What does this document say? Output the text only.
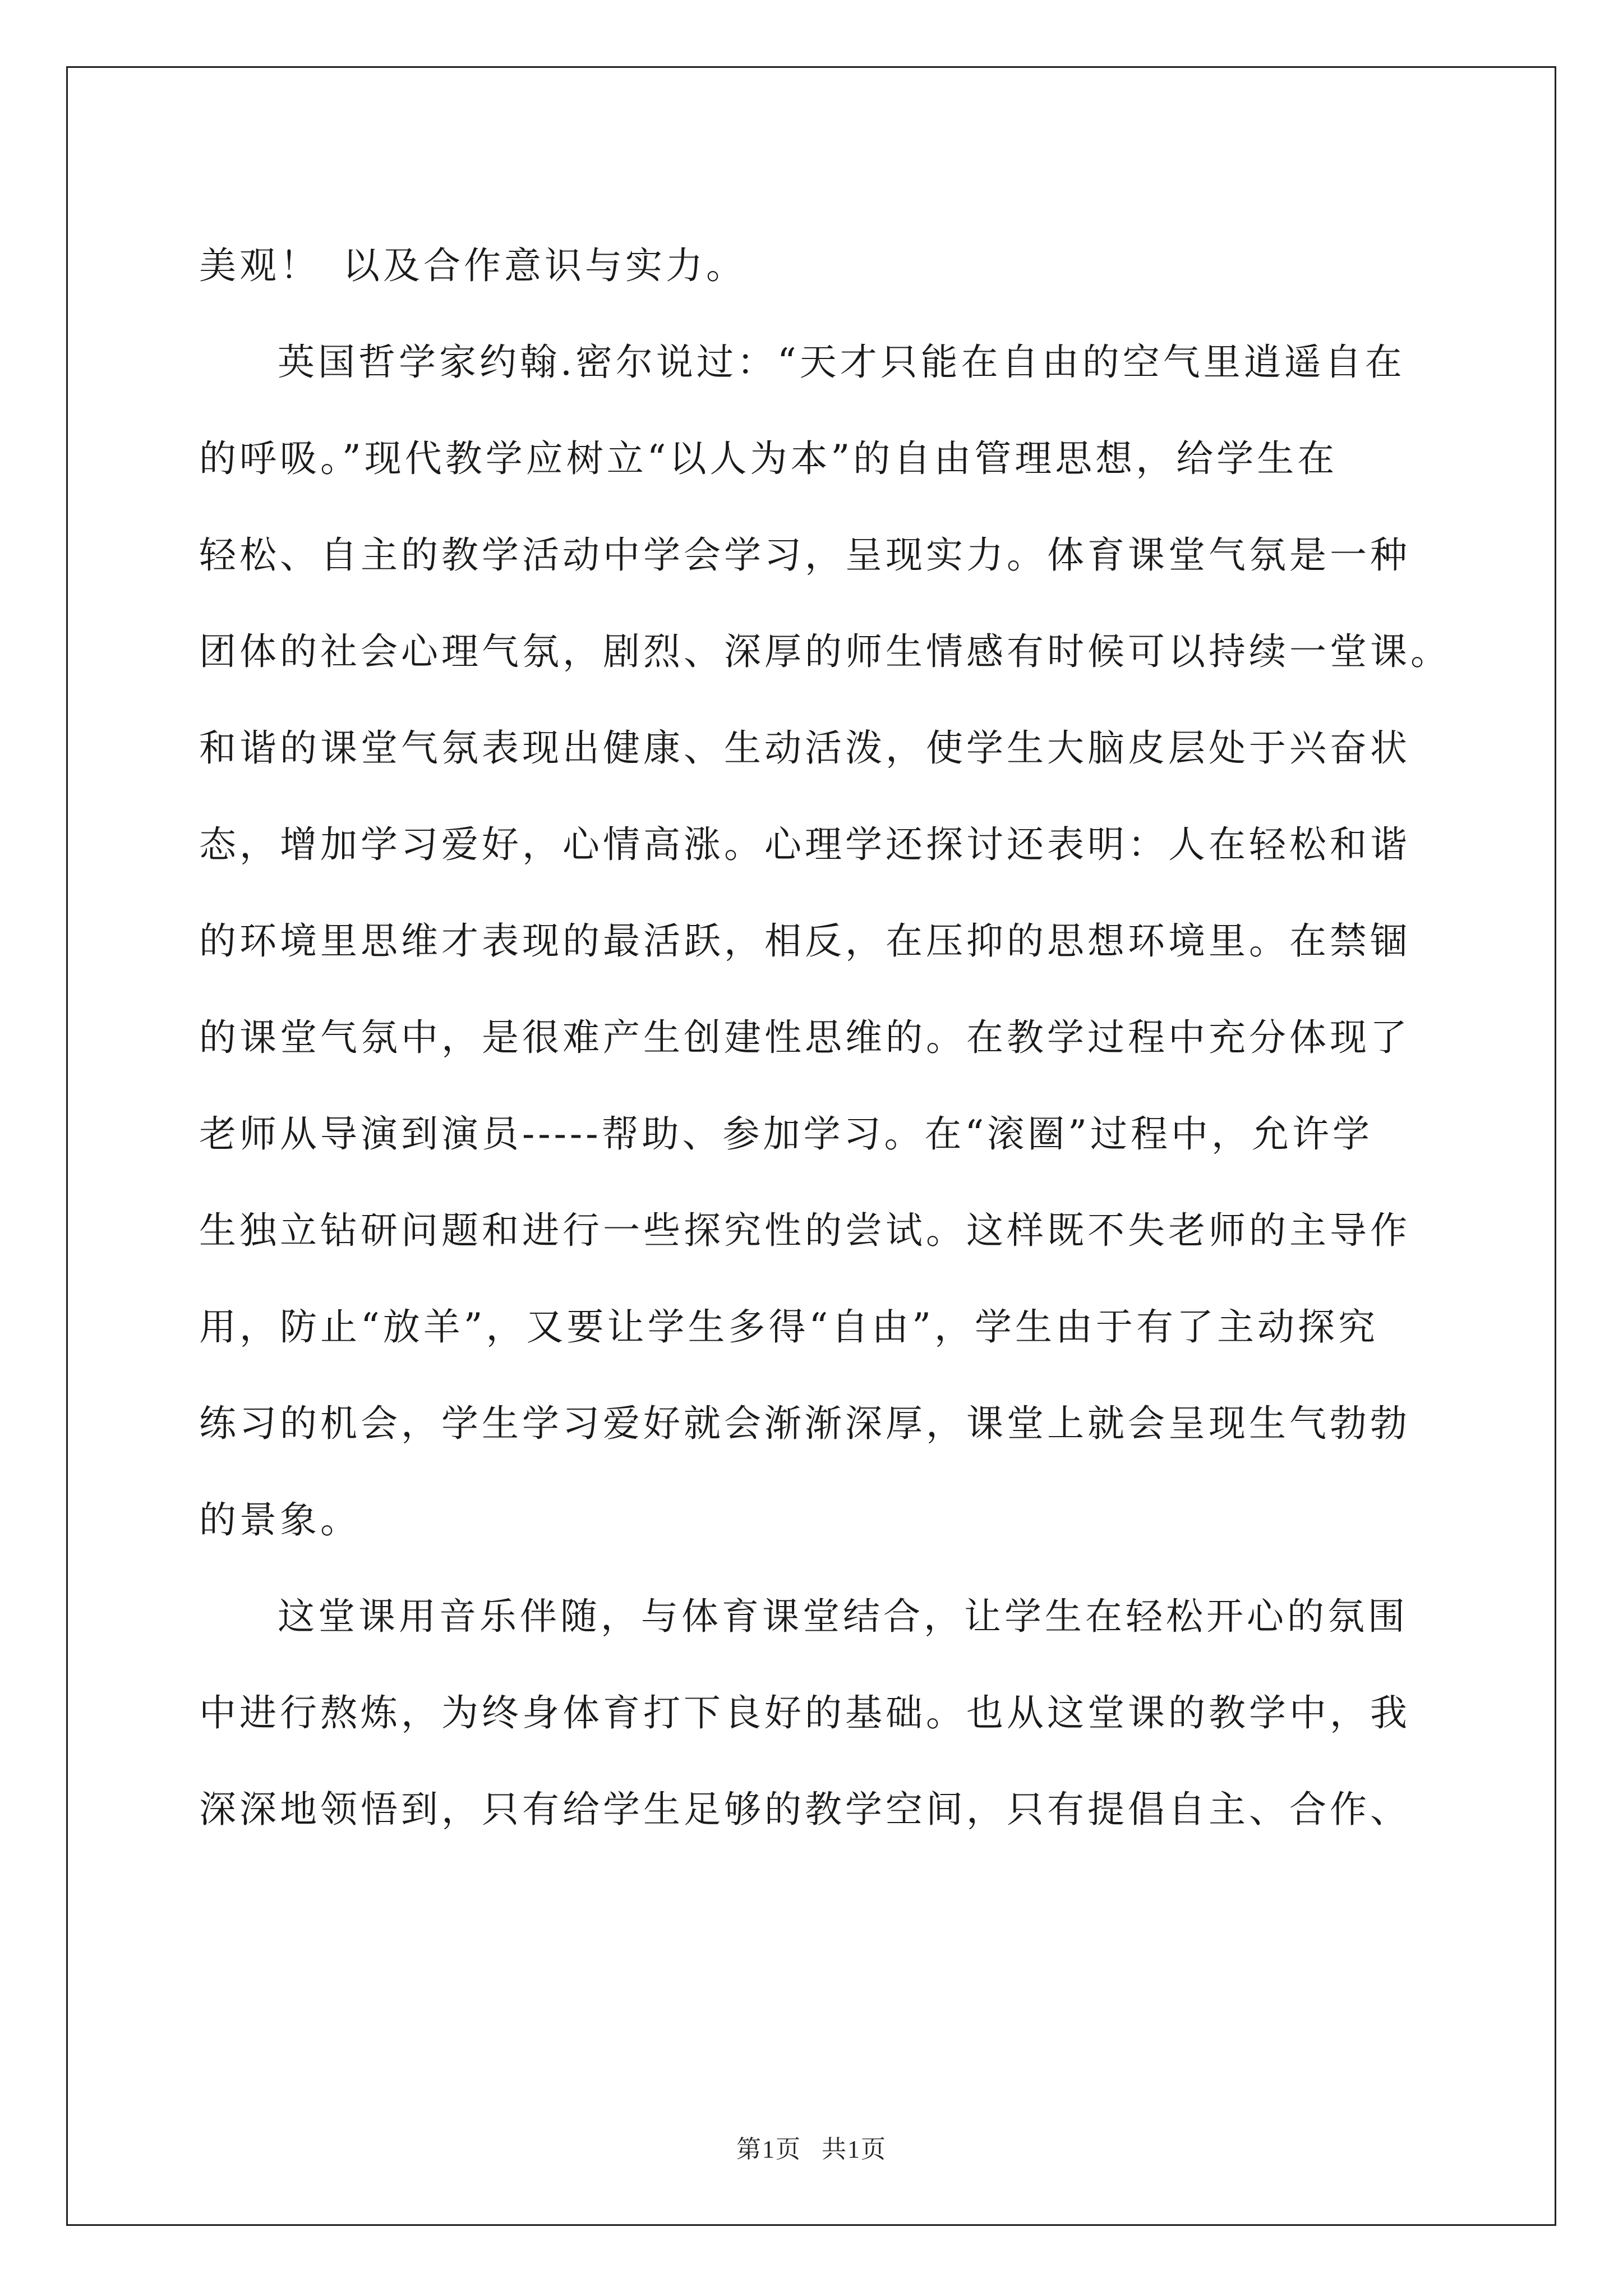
美观！ 以及合作意识与实力。
英国哲学家约翰.密尔说过：“天才只能在自由的空气里逍遥自在
的呼吸。”现代教学应树立“以人为本”的自由管理思想，给学生在
轻松、自主的教学活动中学会学习，呈现实力。体育课堂气氛是一种
团体的社会心理气氛，剧烈、深厚的师生情感有时候可以持续一堂课。
和谐的课堂气氛表现出健康、生动活泼，使学生大脑皮层处于兴奋状
态，增加学习爱好，心情高涨。心理学还探讨还表明：人在轻松和谐
的环境里思维才表现的最活跃，相反，在压抑的思想环境里。在禁锢
的课堂气氛中，是很难产生创建性思维的。在教学过程中充分体现了
老师从导演到演员-----帮助、参加学习。在“滚圈”过程中，允许学
生独立钻研问题和进行一些探究性的尝试。这样既不失老师的主导作
用，防止“放羊”，又要让学生多得“自由”，学生由于有了主动探究
练习的机会，学生学习爱好就会渐渐深厚，课堂上就会呈现生气勃勃
的景象。
这堂课用音乐伴随，与体育课堂结合，让学生在轻松开心的氛围
中进行熬炼，为终身体育打下良好的基础。也从这堂课的教学中，我
深深地领悟到，只有给学生足够的教学空间，只有提倡自主、合作、
第1页 共1页
